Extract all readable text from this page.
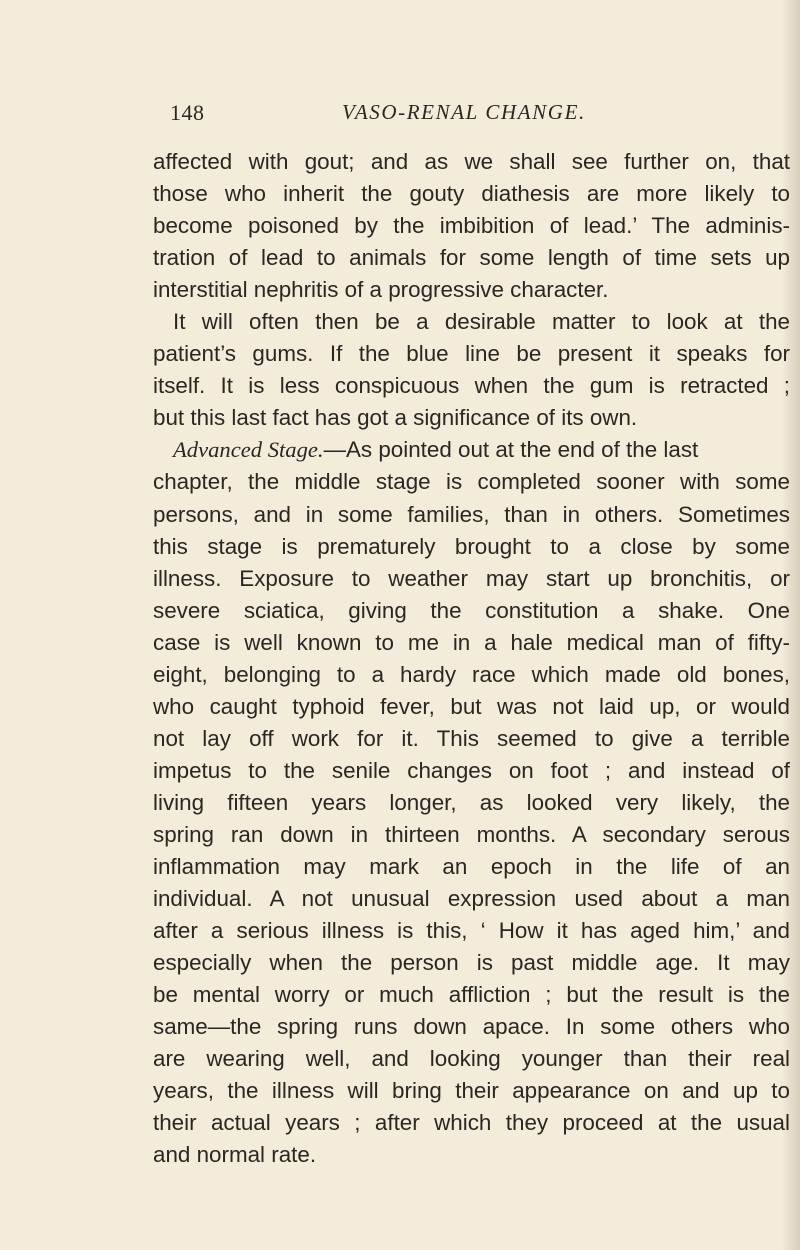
148	VASO-RENAL CHANGE.
affected with gout; and as we shall see further on, that
those who inherit the gouty diathesis are more likely to
become poisoned by the imbibition of lead.’ The adminis-
tration of lead to animals for some length of time sets up
interstitial nephritis of a progressive character.
It will often then be a desirable matter to look at the
patient’s gums. If the blue line be present it speaks for
itself. It is less conspicuous when the gum is retracted ;
but this last fact has got a significance of its own.
Advanced Stage.—As pointed out at the end of the last
chapter, the middle stage is completed sooner with some
persons, and in some families, than in others. Sometimes
this stage is prematurely brought to a close by some
illness. Exposure to weather may start up bronchitis, or
severe sciatica, giving the constitution a shake. One
case is well known to me in a hale medical man of fifty-
eight, belonging to a hardy race which made old bones,
who caught typhoid fever, but was not laid up, or would
not lay off work for it. This seemed to give a terrible
impetus to the senile changes on foot ; and instead of
living fifteen years longer, as looked very likely, the
spring ran down in thirteen months. A secondary serous
inflammation may mark an epoch in the life of an
individual. A not unusual expression used about a man
after a serious illness is this, ‘ How it has aged him,’ and
especially when the person is past middle age. It may
be mental worry or much affliction ; but the result is the
same—the spring runs down apace. In some others who
are wearing well, and looking younger than their real
years, the illness will bring their appearance on and up to
their actual years ; after which they proceed at the usual
and normal rate.
